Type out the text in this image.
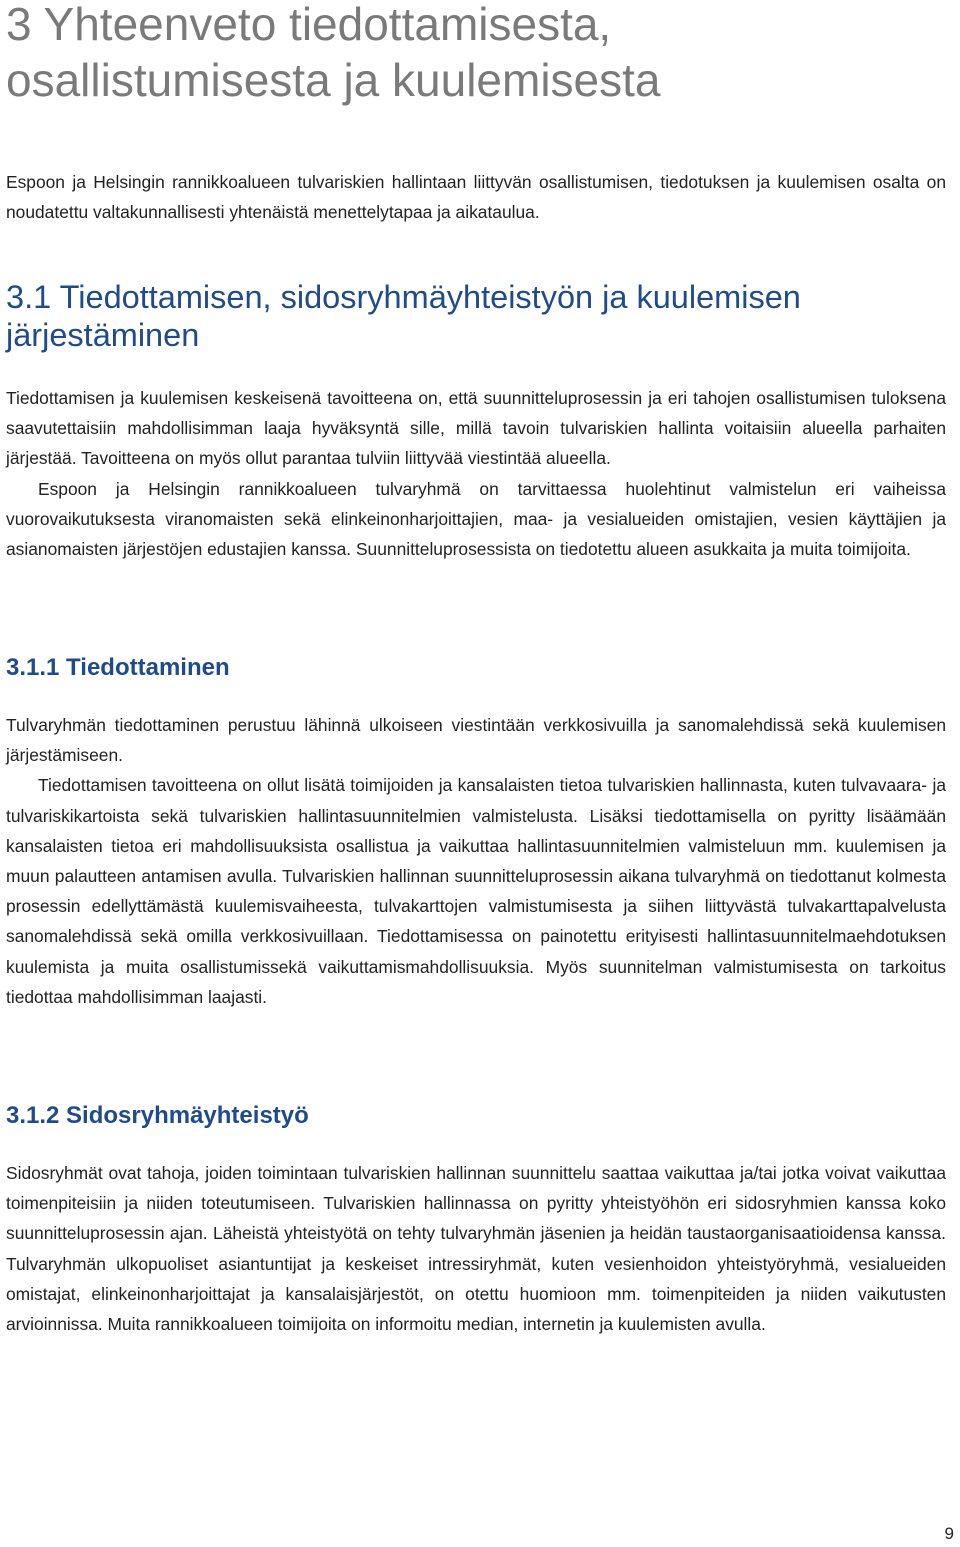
3 Yhteenveto tiedottamisesta,
osallistumisesta ja kuulemisesta

Espoon ja Helsingin rannikkoalueen tulvariskien hallintaan liittyvän osallistumisen, tiedotuksen ja kuulemisen osalta on noudatettu valtakunnallisesti yhtenäistä menettelytapaa ja aikataulua.

3.1 Tiedottamisen, sidosryhmäyhteistyön ja kuulemisen
järjestäminen

Tiedottamisen ja kuulemisen keskeisenä tavoitteena on, että suunnitteluprosessin ja eri tahojen osallistumisen tuloksena saavutettaisiin mahdollisimman laaja hyväksyntä sille, millä tavoin tulvariskien hallinta voitaisiin alueella parhaiten järjestää. Tavoitteena on myös ollut parantaa tulviin liittyvää viestintää alueella.

Espoon ja Helsingin rannikkoalueen tulvaryhmä on tarvittaessa huolehtinut valmistelun eri vaiheissa vuorovaikutuksesta viranomaisten sekä elinkeinonharjoittajien, maa- ja vesialueiden omistajien, vesien käyttäjien ja asianomaisten järjestöjen edustajien kanssa. Suunnitteluprosessista on tiedotettu alueen asukkaita ja muita toimijoita.

3.1.1 Tiedottaminen

Tulvaryhmän tiedottaminen perustuu lähinnä ulkoiseen viestintään verkkosivuilla ja sanomalehdissä sekä kuulemisen järjestämiseen.

Tiedottamisen tavoitteena on ollut lisätä toimijoiden ja kansalaisten tietoa tulvariskien hallinnasta, kuten tulvavaara- ja tulvariskikartoista sekä tulvariskien hallintasuunnitelmien valmistelusta. Lisäksi tiedottamisella on pyritty lisäämään kansalaisten tietoa eri mahdollisuuksista osallistua ja vaikuttaa hallintasuunnitelmien valmisteluun mm. kuulemisen ja muun palautteen antamisen avulla. Tulvariskien hallinnan suunnitteluprosessin aikana tulvaryhmä on tiedottanut kolmesta prosessin edellyttämästä kuulemisvaiheesta, tulvakarttojen valmistumisesta ja siihen liittyvästä tulvakarttapalvelusta sanomalehdissä sekä omilla verkkosivuillaan. Tiedottamisessa on painotettu erityisesti hallintasuunnitelmaehdotuksen kuulemista ja muita osallistumissekä vaikuttamismahdollisuuksia. Myös suunnitelman valmistumisesta on tarkoitus tiedottaa mahdollisimman laajasti.

3.1.2 Sidosryhmäyhteistyö

Sidosryhmät ovat tahoja, joiden toimintaan tulvariskien hallinnan suunnittelu saattaa vaikuttaa ja/tai jotka voivat vaikuttaa toimenpiteisiin ja niiden toteutumiseen. Tulvariskien hallinnassa on pyritty yhteistyöhön eri sidosryhmien kanssa koko suunnitteluprosessin ajan. Läheistä yhteistyötä on tehty tulvaryhmän jäsenien ja heidän taustaorganisaatioidensa kanssa. Tulvaryhmän ulkopuoliset asiantuntijat ja keskeiset intressiryhmät, kuten vesienhoidon yhteistyöryhmä, vesialueiden omistajat, elinkeinonharjoittajat ja kansalaisjärjestöt, on otettu huomioon mm. toimenpiteiden ja niiden vaikutusten arvioinnissa. Muita rannikkoalueen toimijoita on informoitu median, internetin ja kuulemisten avulla.

9
